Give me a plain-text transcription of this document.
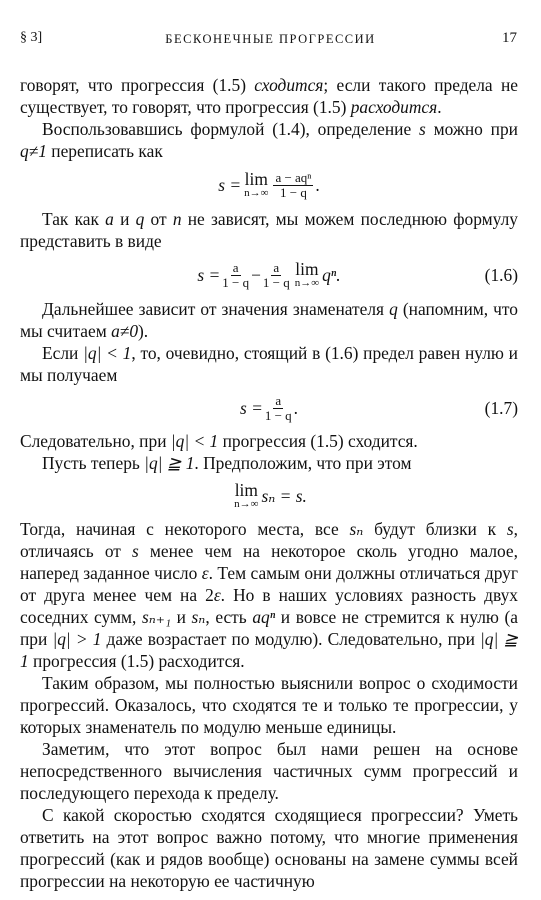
§ 3]	БЕСКОНЕЧНЫЕ ПРОГРЕССИИ	17

говорят, что прогрессия (1.5) сходится; если такого предела не существует, то говорят, что прогрессия (1.5) расходится.

Воспользовавшись формулой (1.4), определение s можно при q≠1 переписать как

s = lim
n→∞
a − aqⁿ
1 − q .

Так как a и q от n не зависят, мы можем последнюю формулу представить в виде

$s = \frac{a}{1 - q} - \frac{a}{1 - q}$ lim
n→∞ qⁿ.	(1.6)

Дальнейшее зависит от значения знаменателя q (напомним, что мы считаем a≠0).

Если |q| < 1, то, очевидно, стоящий в (1.6) предел равен нулю и мы получаем

$s = \frac{a}{1 - q}$ .	(1.7)

Следовательно, при |q| < 1 прогрессия (1.5) сходится.

Пусть теперь |q| ≧ 1. Предположим, что при этом

lim
n→∞ sₙ = s.

Тогда, начиная с некоторого места, все sₙ будут близки к s, отличаясь от s менее чем на некоторое сколь угодно малое, наперед заданное число ε. Тем самым они должны отличаться друг от друга менее чем на 2ε. Но в наших условиях разность двух соседних сумм, sₙ₊₁ и sₙ, есть aqⁿ и вовсе не стремится к нулю (а при |q| > 1 даже возрастает по модулю). Следовательно, при |q| ≧ 1 прогрессия (1.5) расходится.

Таким образом, мы полностью выяснили вопрос о сходимости прогрессий. Оказалось, что сходятся те и только те прогрессии, у которых знаменатель по модулю меньше единицы.

Заметим, что этот вопрос был нами решен на основе непосредственного вычисления частичных сумм прогрессий и последующего перехода к пределу.

С какой скоростью сходятся сходящиеся прогрессии? Уметь ответить на этот вопрос важно потому, что многие применения прогрессий (как и рядов вообще) основаны на замене суммы всей прогрессии на некоторую ее частичную
